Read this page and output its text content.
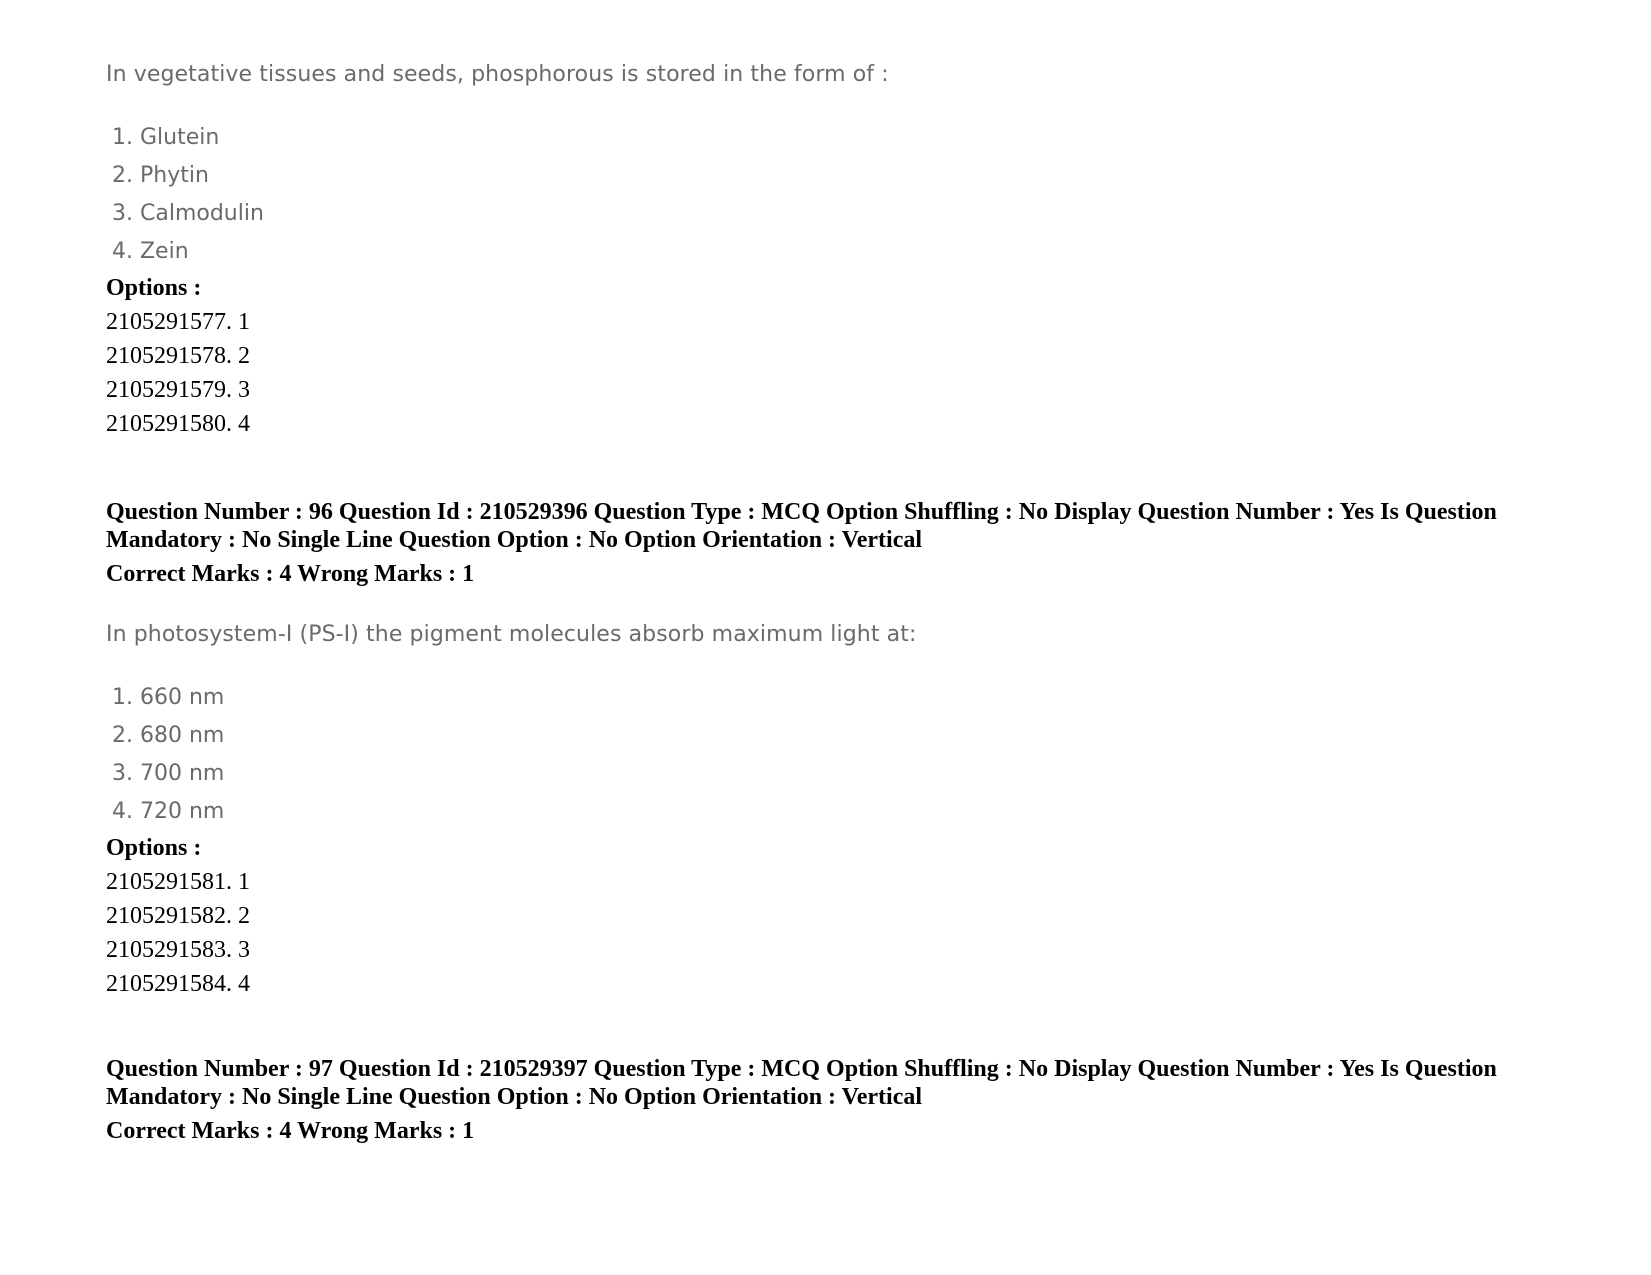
In vegetative tissues and seeds, phosphorous is stored in the form of :

1. Glutein
2. Phytin
3. Calmodulin
4. Zein
Options :
2105291577. 1
2105291578. 2
2105291579. 3
2105291580. 4
Question Number : 96 Question Id : 210529396 Question Type : MCQ Option Shuffling : No Display Question Number : Yes Is Question Mandatory : No Single Line Question Option : No Option Orientation : Vertical
Correct Marks : 4 Wrong Marks : 1

In photosystem-I (PS-I) the pigment molecules absorb maximum light at:

1. 660 nm
2. 680 nm
3. 700 nm
4. 720 nm
Options :
2105291581. 1
2105291582. 2
2105291583. 3
2105291584. 4
Question Number : 97 Question Id : 210529397 Question Type : MCQ Option Shuffling : No Display Question Number : Yes Is Question Mandatory : No Single Line Question Option : No Option Orientation : Vertical
Correct Marks : 4 Wrong Marks : 1
